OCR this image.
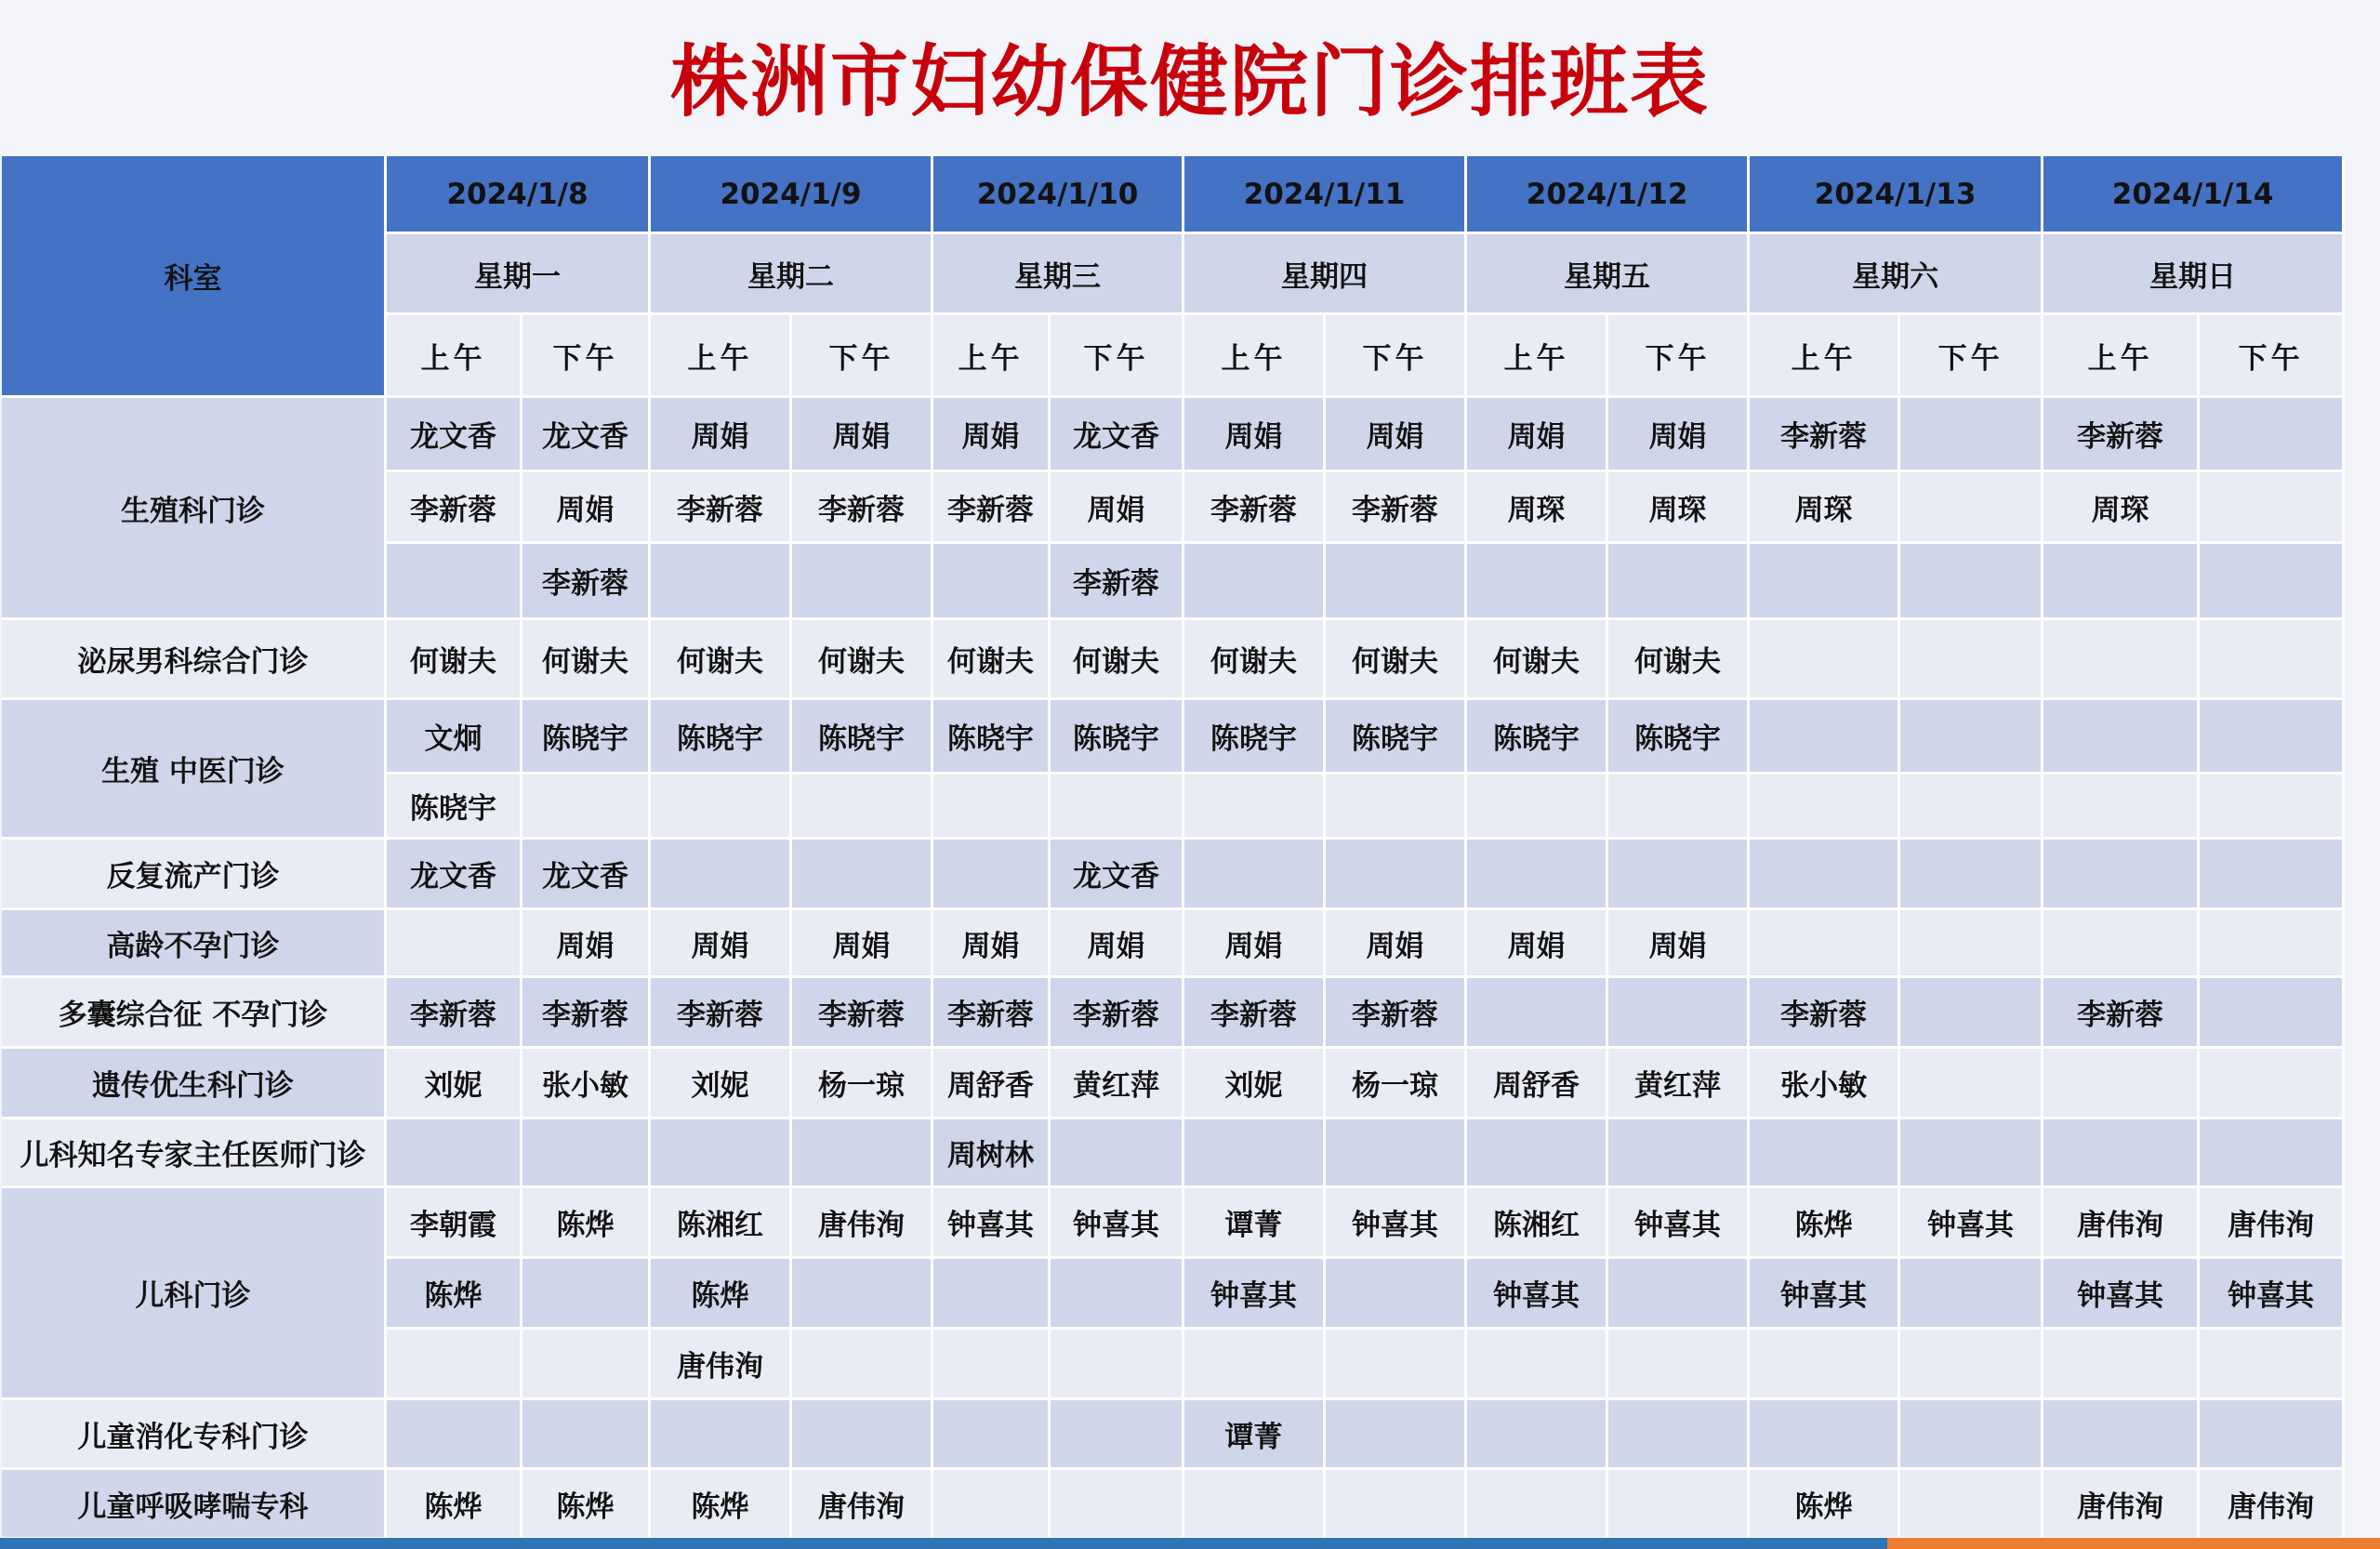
株洲市妇幼保健院门诊排班表
科室	2024/1/8		2024/1/9		2024/1/10		2024/1/11		2024/1/12		2024/1/13		2024/1/14	
	星期一		星期二		星期三		星期四		星期五		星期六		星期日	
	上午	下午	上午	下午	上午	下午	上午	下午	上午	下午	上午	下午	上午	下午
生殖科门诊	龙文香	龙文香	周娟	周娟	周娟	龙文香	周娟	周娟	周娟	周娟	李新蓉		李新蓉	
	李新蓉	周娟	李新蓉	李新蓉	李新蓉	周娟	李新蓉	李新蓉	周琛	周琛	周琛		周琛	
		李新蓉				李新蓉								
泌尿男科综合门诊	何谢夫	何谢夫	何谢夫	何谢夫	何谢夫	何谢夫	何谢夫	何谢夫	何谢夫	何谢夫				
生殖 中医门诊	文炯	陈晓宇	陈晓宇	陈晓宇	陈晓宇	陈晓宇	陈晓宇	陈晓宇	陈晓宇	陈晓宇				
	陈晓宇													
反复流产门诊	龙文香	龙文香				龙文香								
高龄不孕门诊		周娟	周娟	周娟	周娟	周娟	周娟	周娟	周娟	周娟				
多囊综合征 不孕门诊	李新蓉	李新蓉	李新蓉	李新蓉	李新蓉	李新蓉	李新蓉	李新蓉			李新蓉		李新蓉	
遗传优生科门诊	刘妮	张小敏	刘妮	杨一琼	周舒香	黄红萍	刘妮	杨一琼	周舒香	黄红萍	张小敏			
儿科知名专家主任医师门诊					周树林									
儿科门诊	李朝霞	陈烨	陈湘红	唐伟洵	钟喜其	钟喜其	谭菁	钟喜其	陈湘红	钟喜其	陈烨	钟喜其	唐伟洵	唐伟洵
	陈烨		陈烨				钟喜其		钟喜其		钟喜其		钟喜其	钟喜其
			唐伟洵											
儿童消化专科门诊							谭菁							
儿童呼吸哮喘专科	陈烨	陈烨	陈烨	唐伟洵							陈烨		唐伟洵	唐伟洵
